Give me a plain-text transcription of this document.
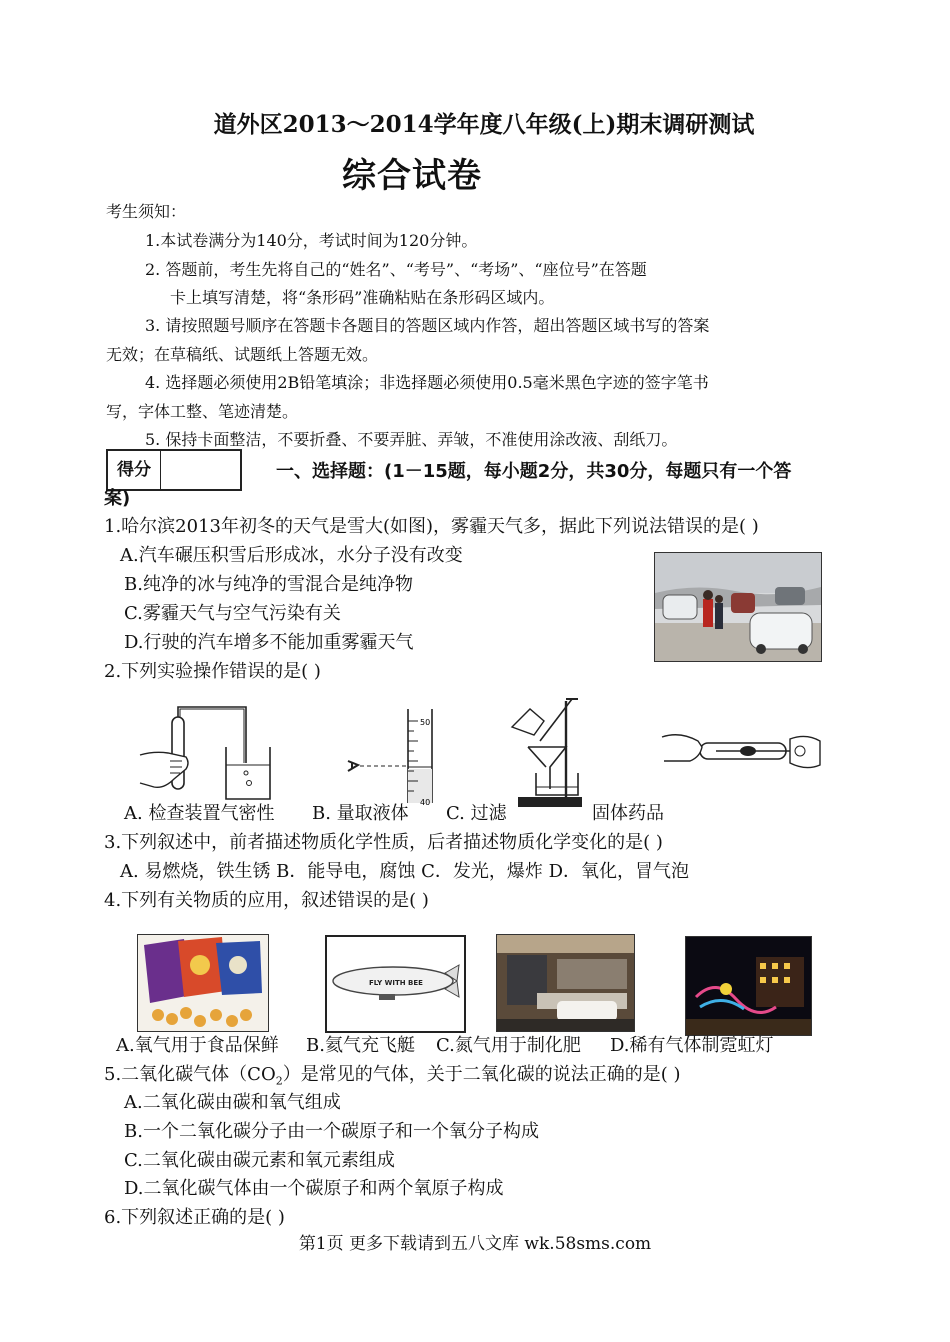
道外区2013～2014学年度八年级(上)期末调研测试
综合试卷
考生须知：
1.本试卷满分为140分，考试时间为120分钟。
2. 答题前，考生先将自己的“姓名”、“考号”、“考场”、“座位号”在答题
卡上填写清楚，将“条形码”准确粘贴在条形码区域内。
3. 请按照题号顺序在答题卡各题目的答题区域内作答，超出答题区域书写的答案
无效；在草稿纸、试题纸上答题无效。
4. 选择题必须使用2B铅笔填涂；非选择题必须使用0.5毫米黑色字迹的签字笔书
写，字体工整、笔迹清楚。
5. 保持卡面整洁，不要折叠、不要弄脏、弄皱，不准使用涂改液、刮纸刀。
得分	一、选择题：(1－15题，每小题2分，共30分，每题只有一个答
案)
1.哈尔滨2013年初冬的天气是雪大(如图)，雾霾天气多，据此下列说法错误的是( )
A.汽车碾压积雪后形成冰，水分子没有改变
B.纯净的冰与纯净的雪混合是纯净物
C.雾霾天气与空气污染有关
D.行驶的汽车增多不能加重雾霾天气
2.下列实验操作错误的是( )
50
40
A. 检查装置气密性 B. 量取液体 C. 过滤	固体药品
3.下列叙述中，前者描述物质化学性质，后者描述物质化学变化的是( )
A. 易燃烧，铁生锈 B．能导电，腐蚀 C．发光，爆炸 D．氧化，冒气泡
4.下列有关物质的应用，叙述错误的是( )
FLY WITH BEE
A.氧气用于食品保鲜 B.氦气充飞艇 C.氮气用于制化肥 D.稀有气体制霓虹灯
5.二氧化碳气体$(CO_2)$是常见的气体，关于二氧化碳的说法正确的是( )
A.二氧化碳由碳和氧气组成
B.一个二氧化碳分子由一个碳原子和一个氧分子构成
C.二氧化碳由碳元素和氧元素组成
D.二氧化碳气体由一个碳原子和两个氧原子构成
6.下列叙述正确的是( )
第1页 更多下载请到五八文库 wk.58sms.com
